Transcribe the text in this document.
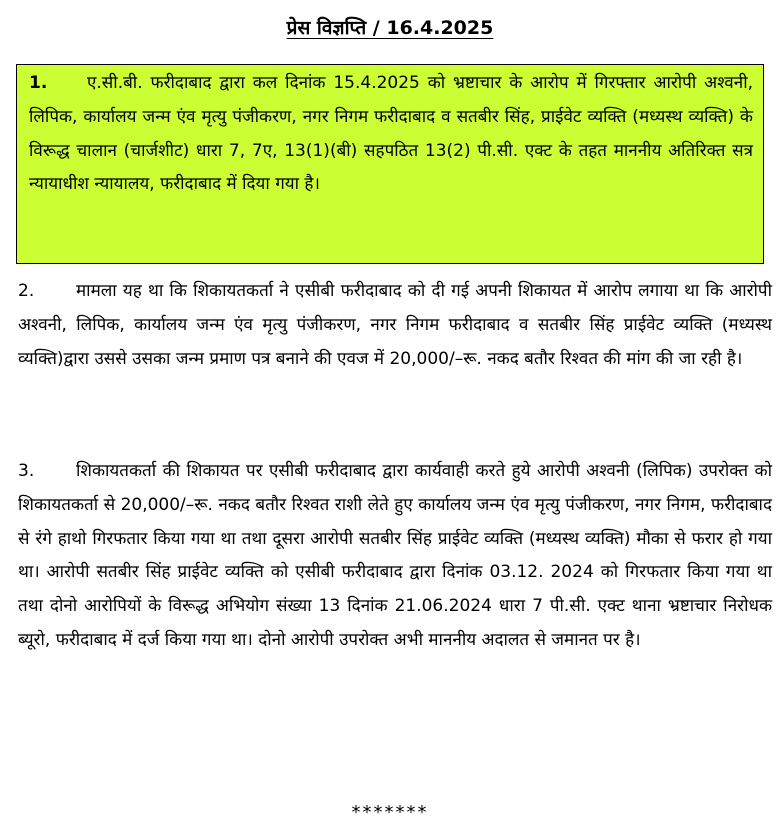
प्रेस विज्ञप्ति / 16.4.2025

1. ए.सी.बी. फरीदाबाद द्वारा कल दिनांक 15.4.2025 को भ्रष्टाचार के आरोप में गिरफ्तार आरोपी अश्वनी, लिपिक, कार्यालय जन्म एंव मृत्यु पंजीकरण, नगर निगम फरीदाबाद व सतबीर सिंह, प्राईवेट व्यक्ति (मध्यस्थ व्यक्ति) के विरूद्ध चालान (चार्जशीट) धारा 7, 7ए, 13(1)(बी) सहपठित 13(2) पी.सी. एक्ट के तहत माननीय अतिरिक्त सत्र न्यायाधीश न्यायालय, फरीदाबाद में दिया गया है।

2. मामला यह था कि शिकायतकर्ता ने एसीबी फरीदाबाद को दी गई अपनी शिकायत में आरोप लगाया था कि आरोपी अश्वनी, लिपिक, कार्यालय जन्म एंव मृत्यु पंजीकरण, नगर निगम फरीदाबाद व सतबीर सिंह प्राईवेट व्यक्ति (मध्यस्थ व्यक्ति)द्वारा उससे उसका जन्म प्रमाण पत्र बनाने की एवज में 20,000/–रू. नकद बतौर रिश्वत की मांग की जा रही है।

3. शिकायतकर्ता की शिकायत पर एसीबी फरीदाबाद द्वारा कार्यवाही करते हुये आरोपी अश्वनी (लिपिक) उपरोक्त को शिकायतकर्ता से 20,000/–रू. नकद बतौर रिश्वत राशी लेते हुए कार्यालय जन्म एंव मृत्यु पंजीकरण, नगर निगम, फरीदाबाद से रंगे हाथो गिरफतार किया गया था तथा दूसरा आरोपी सतबीर सिंह प्राईवेट व्यक्ति (मध्यस्थ व्यक्ति) मौका से फरार हो गया था। आरोपी सतबीर सिंह प्राईवेट व्यक्ति को एसीबी फरीदाबाद द्वारा दिनांक 03.12. 2024 को गिरफतार किया गया था तथा दोनो आरोपियों के विरूद्ध अभियोग संख्या 13 दिनांक 21.06.2024 धारा 7 पी.सी. एक्ट थाना भ्रष्टाचार निरोधक ब्यूरो, फरीदाबाद में दर्ज किया गया था। दोनो आरोपी उपरोक्त अभी माननीय अदालत से जमानत पर है।

*******
